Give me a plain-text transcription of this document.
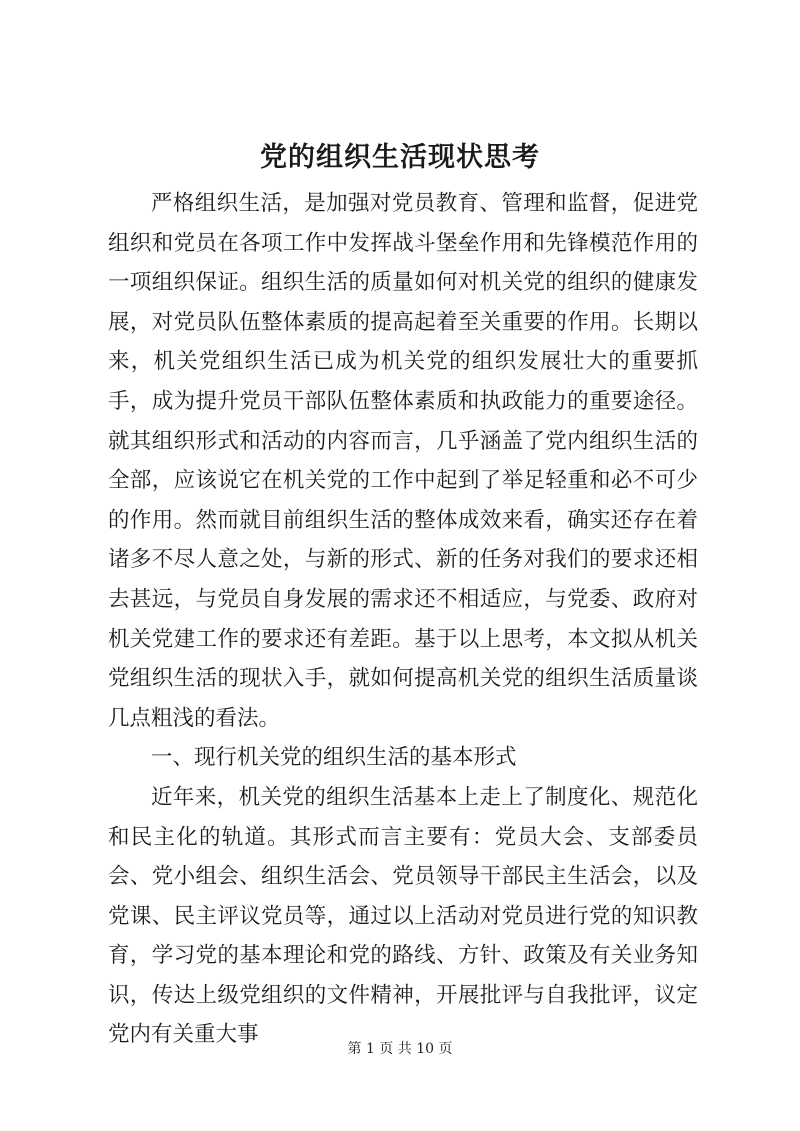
党的组织生活现状思考

严格组织生活，是加强对党员教育、管理和监督，促进党组织和党员在各项工作中发挥战斗堡垒作用和先锋模范作用的一项组织保证。组织生活的质量如何对机关党的组织的健康发展，对党员队伍整体素质的提高起着至关重要的作用。长期以来，机关党组织生活已成为机关党的组织发展壮大的重要抓手，成为提升党员干部队伍整体素质和执政能力的重要途径。就其组织形式和活动的内容而言，几乎涵盖了党内组织生活的全部，应该说它在机关党的工作中起到了举足轻重和必不可少的作用。然而就目前组织生活的整体成效来看，确实还存在着诸多不尽人意之处，与新的形式、新的任务对我们的要求还相去甚远，与党员自身发展的需求还不相适应，与党委、政府对机关党建工作的要求还有差距。基于以上思考，本文拟从机关党组织生活的现状入手，就如何提高机关党的组织生活质量谈几点粗浅的看法。

一、现行机关党的组织生活的基本形式

近年来，机关党的组织生活基本上走上了制度化、规范化和民主化的轨道。其形式而言主要有：党员大会、支部委员会、党小组会、组织生活会、党员领导干部民主生活会，以及党课、民主评议党员等，通过以上活动对党员进行党的知识教育，学习党的基本理论和党的路线、方针、政策及有关业务知识，传达上级党组织的文件精神，开展批评与自我批评，议定党内有关重大事

第 1 页 共 10 页
